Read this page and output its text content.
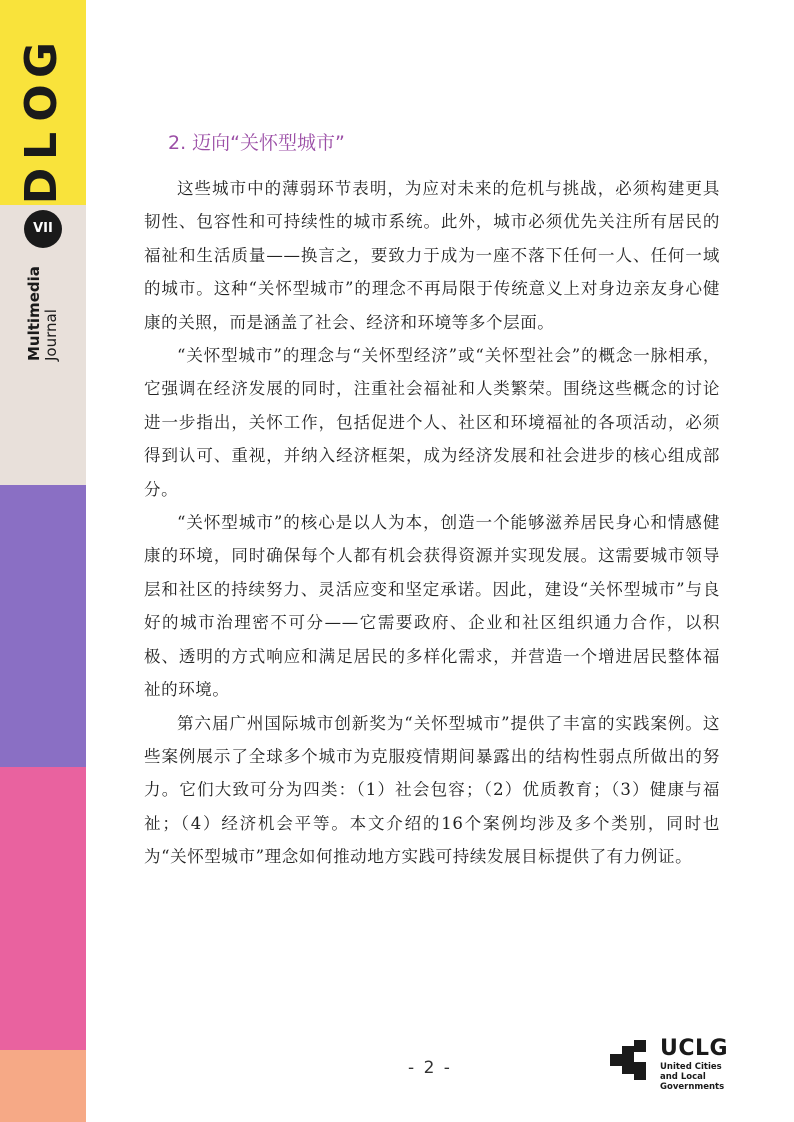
G
O
L
D
VII
Multimedia Journal
2. 迈向“关怀型城市”

这些城市中的薄弱环节表明，为应对未来的危机与挑战，必须构建更具韧性、包容性和可持续性的城市系统。此外，城市必须优先关注所有居民的福祉和生活质量——换言之，要致力于成为一座不落下任何一人、任何一域的城市。这种“关怀型城市”的理念不再局限于传统意义上对身边亲友身心健康的关照，而是涵盖了社会、经济和环境等多个层面。

“关怀型城市”的理念与“关怀型经济”或“关怀型社会”的概念一脉相承，它强调在经济发展的同时，注重社会福祉和人类繁荣。围绕这些概念的讨论进一步指出，关怀工作，包括促进个人、社区和环境福祉的各项活动，必须得到认可、重视，并纳入经济框架，成为经济发展和社会进步的核心组成部分。

“关怀型城市”的核心是以人为本，创造一个能够滋养居民身心和情感健康的环境，同时确保每个人都有机会获得资源并实现发展。这需要城市领导层和社区的持续努力、灵活应变和坚定承诺。因此，建设“关怀型城市”与良好的城市治理密不可分——它需要政府、企业和社区组织通力合作，以积极、透明的方式响应和满足居民的多样化需求，并营造一个增进居民整体福祉的环境。

第六届广州国际城市创新奖为“关怀型城市”提供了丰富的实践案例。这些案例展示了全球多个城市为克服疫情期间暴露出的结构性弱点所做出的努力。它们大致可分为四类：（1）社会包容；（2）优质教育；（3）健康与福祉；（4）经济机会平等。本文介绍的16个案例均涉及多个类别，同时也为“关怀型城市”理念如何推动地方实践可持续发展目标提供了有力例证。

- 2 -
UCLG
United Cities
and Local Governments
